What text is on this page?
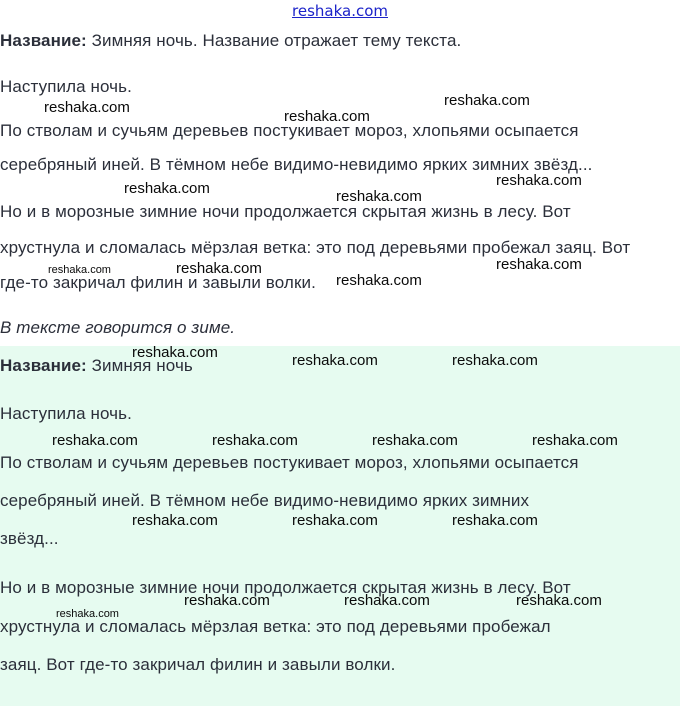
reshaka.com
Название: Зимняя ночь. Название отражает тему текста.
Наступила ночь.
По стволам и сучьям деревьев постукивает мороз, хлопьями осыпается
серебряный иней. В тёмном небе видимо-невидимо ярких зимних звёзд...
Но и в морозные зимние ночи продолжается скрытая жизнь в лесу. Вот
хрустнула и сломалась мёрзлая ветка: это под деревьями пробежал заяц. Вот
где-то закричал филин и завыли волки.
В тексте говорится о зиме.
Название: Зимняя ночь
Наступила ночь.
По стволам и сучьям деревьев постукивает мороз, хлопьями осыпается
серебряный иней. В тёмном небе видимо-невидимо ярких зимних
звёзд...
Но и в морозные зимние ночи продолжается скрытая жизнь в лесу. Вот
хрустнула и сломалась мёрзлая ветка: это под деревьями пробежал
заяц. Вот где-то закричал филин и завыли волки.
reshaka.com
reshaka.com
reshaka.com
reshaka.com	reshaka.com
reshaka.com
reshaka.com	reshaka.com	reshaka.com
reshaka.com
reshaka.com	reshaka.com	reshaka.com
reshaka.com	reshaka.com	reshaka.com	reshaka.com
reshaka.com	reshaka.com	reshaka.com
reshaka.com	reshaka.com	reshaka.com
reshaka.com
